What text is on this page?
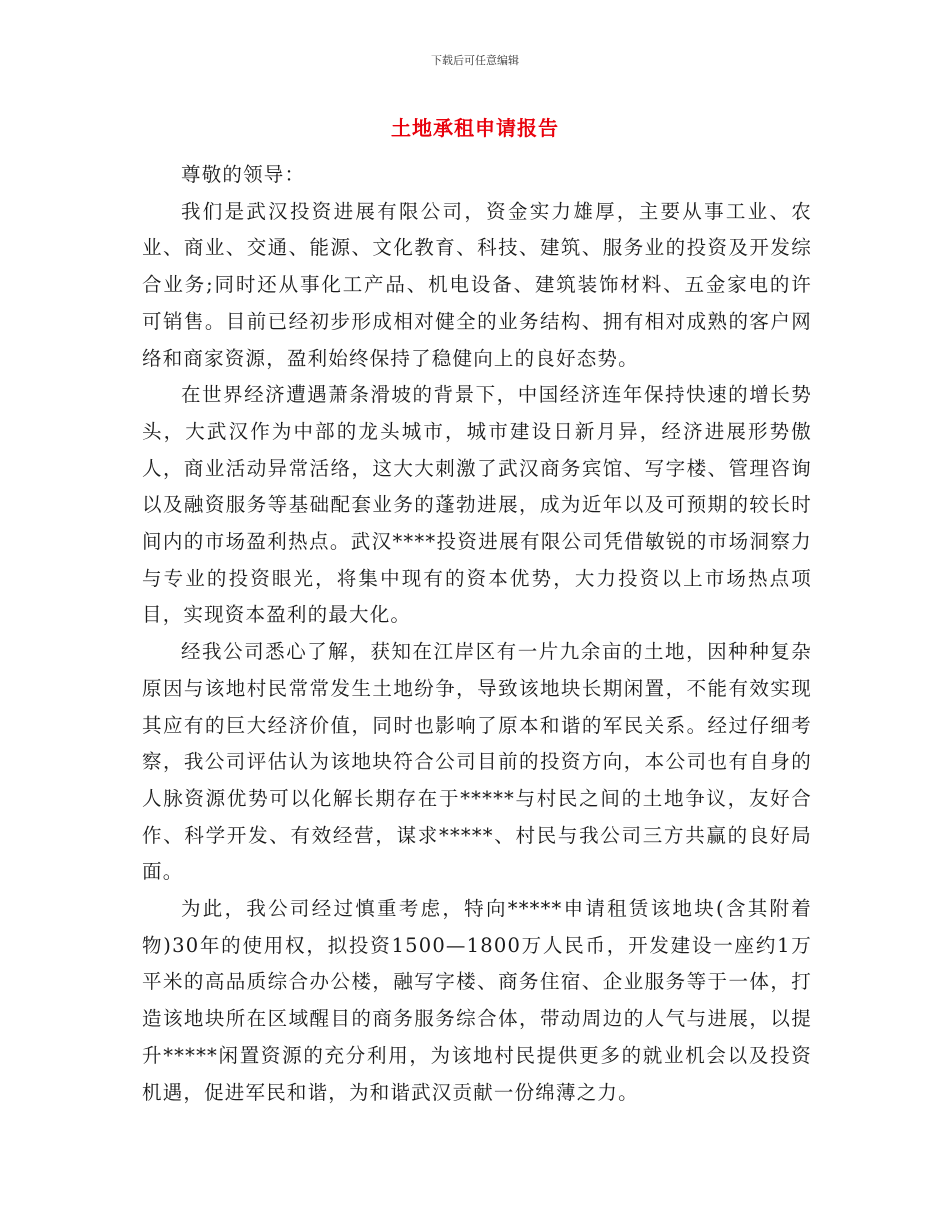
下载后可任意编辑
土地承租申请报告

尊敬的领导：

我们是武汉投资进展有限公司，资金实力雄厚，主要从事工业、农业、商业、交通、能源、文化教育、科技、建筑、服务业的投资及开发综合业务;同时还从事化工产品、机电设备、建筑装饰材料、五金家电的许可销售。目前已经初步形成相对健全的业务结构、拥有相对成熟的客户网络和商家资源，盈利始终保持了稳健向上的良好态势。

在世界经济遭遇萧条滑坡的背景下，中国经济连年保持快速的增长势头，大武汉作为中部的龙头城市，城市建设日新月异，经济进展形势傲人，商业活动异常活络，这大大刺激了武汉商务宾馆、写字楼、管理咨询以及融资服务等基础配套业务的蓬勃进展，成为近年以及可预期的较长时间内的市场盈利热点。武汉****投资进展有限公司凭借敏锐的市场洞察力与专业的投资眼光，将集中现有的资本优势，大力投资以上市场热点项目，实现资本盈利的最大化。

经我公司悉心了解，获知在江岸区有一片九余亩的土地，因种种复杂原因与该地村民常常发生土地纷争，导致该地块长期闲置，不能有效实现其应有的巨大经济价值，同时也影响了原本和谐的军民关系。经过仔细考察，我公司评估认为该地块符合公司目前的投资方向，本公司也有自身的人脉资源优势可以化解长期存在于*****与村民之间的土地争议，友好合作、科学开发、有效经营，谋求*****、村民与我公司三方共赢的良好局面。

为此，我公司经过慎重考虑，特向*****申请租赁该地块(含其附着物)30年的使用权，拟投资1500—1800万人民币，开发建设一座约1万平米的高品质综合办公楼，融写字楼、商务住宿、企业服务等于一体，打造该地块所在区域醒目的商务服务综合体，带动周边的人气与进展，以提升*****闲置资源的充分利用，为该地村民提供更多的就业机会以及投资机遇，促进军民和谐，为和谐武汉贡献一份绵薄之力。
